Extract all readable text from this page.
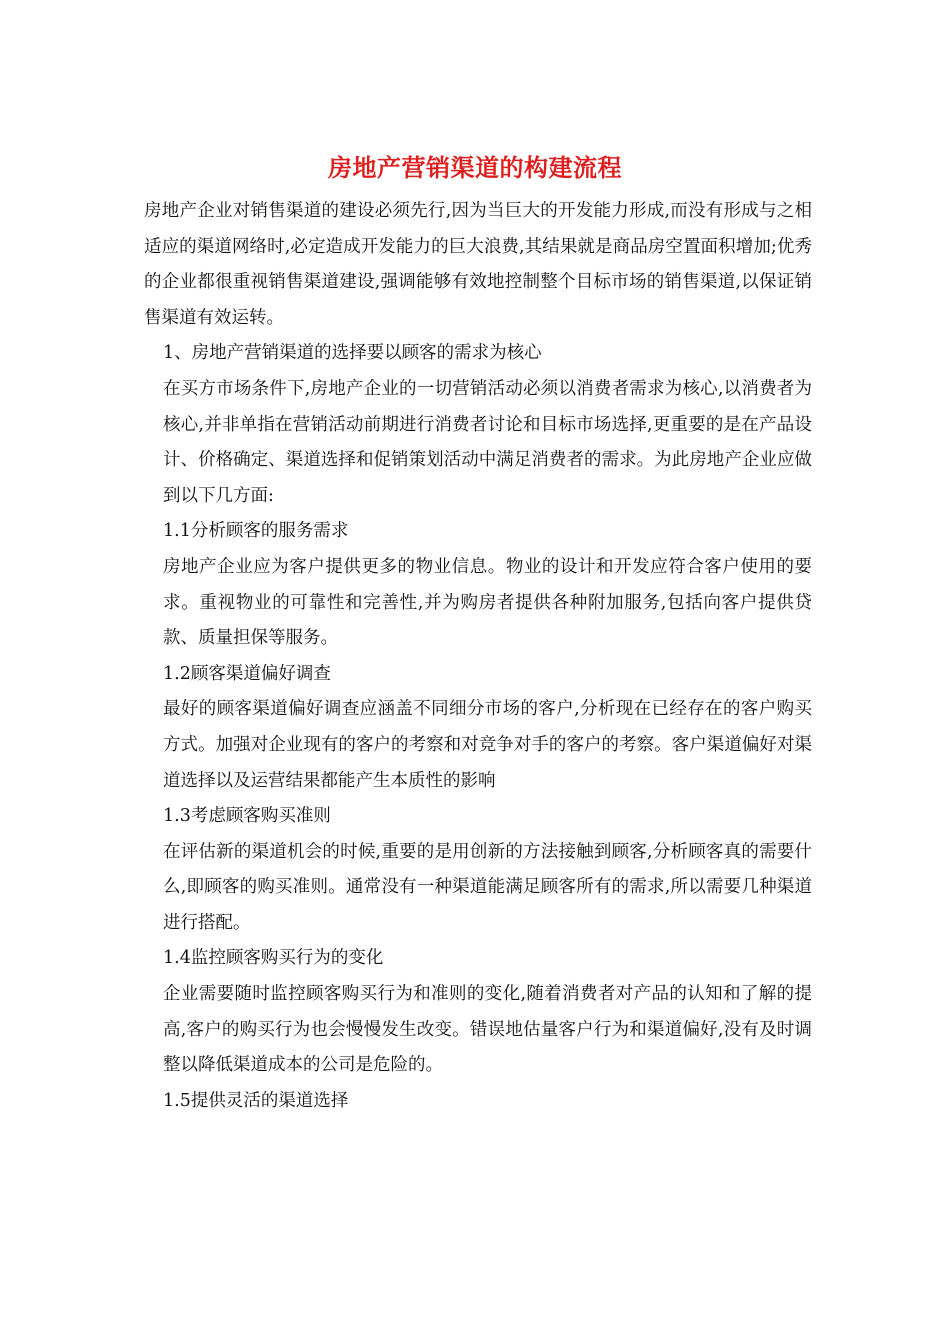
房地产营销渠道的构建流程

房地产企业对销售渠道的建设必须先行,因为当巨大的开发能力形成,而没有形成与之相适应的渠道网络时,必定造成开发能力的巨大浪费,其结果就是商品房空置面积增加;优秀的企业都很重视销售渠道建设,强调能够有效地控制整个目标市场的销售渠道,以保证销售渠道有效运转。

1、房地产营销渠道的选择要以顾客的需求为核心

在买方市场条件下,房地产企业的一切营销活动必须以消费者需求为核心,以消费者为核心,并非单指在营销活动前期进行消费者讨论和目标市场选择,更重要的是在产品设计、价格确定、渠道选择和促销策划活动中满足消费者的需求。为此房地产企业应做到以下几方面:

1.1分析顾客的服务需求

房地产企业应为客户提供更多的物业信息。物业的设计和开发应符合客户使用的要求。重视物业的可靠性和完善性,并为购房者提供各种附加服务,包括向客户提供贷款、质量担保等服务。

1.2顾客渠道偏好调查

最好的顾客渠道偏好调查应涵盖不同细分市场的客户,分析现在已经存在的客户购买方式。加强对企业现有的客户的考察和对竞争对手的客户的考察。客户渠道偏好对渠道选择以及运营结果都能产生本质性的影响

1.3考虑顾客购买准则

在评估新的渠道机会的时候,重要的是用创新的方法接触到顾客,分析顾客真的需要什么,即顾客的购买准则。通常没有一种渠道能满足顾客所有的需求,所以需要几种渠道进行搭配。

1.4监控顾客购买行为的变化

企业需要随时监控顾客购买行为和准则的变化,随着消费者对产品的认知和了解的提高,客户的购买行为也会慢慢发生改变。错误地估量客户行为和渠道偏好,没有及时调整以降低渠道成本的公司是危险的。

1.5提供灵活的渠道选择
